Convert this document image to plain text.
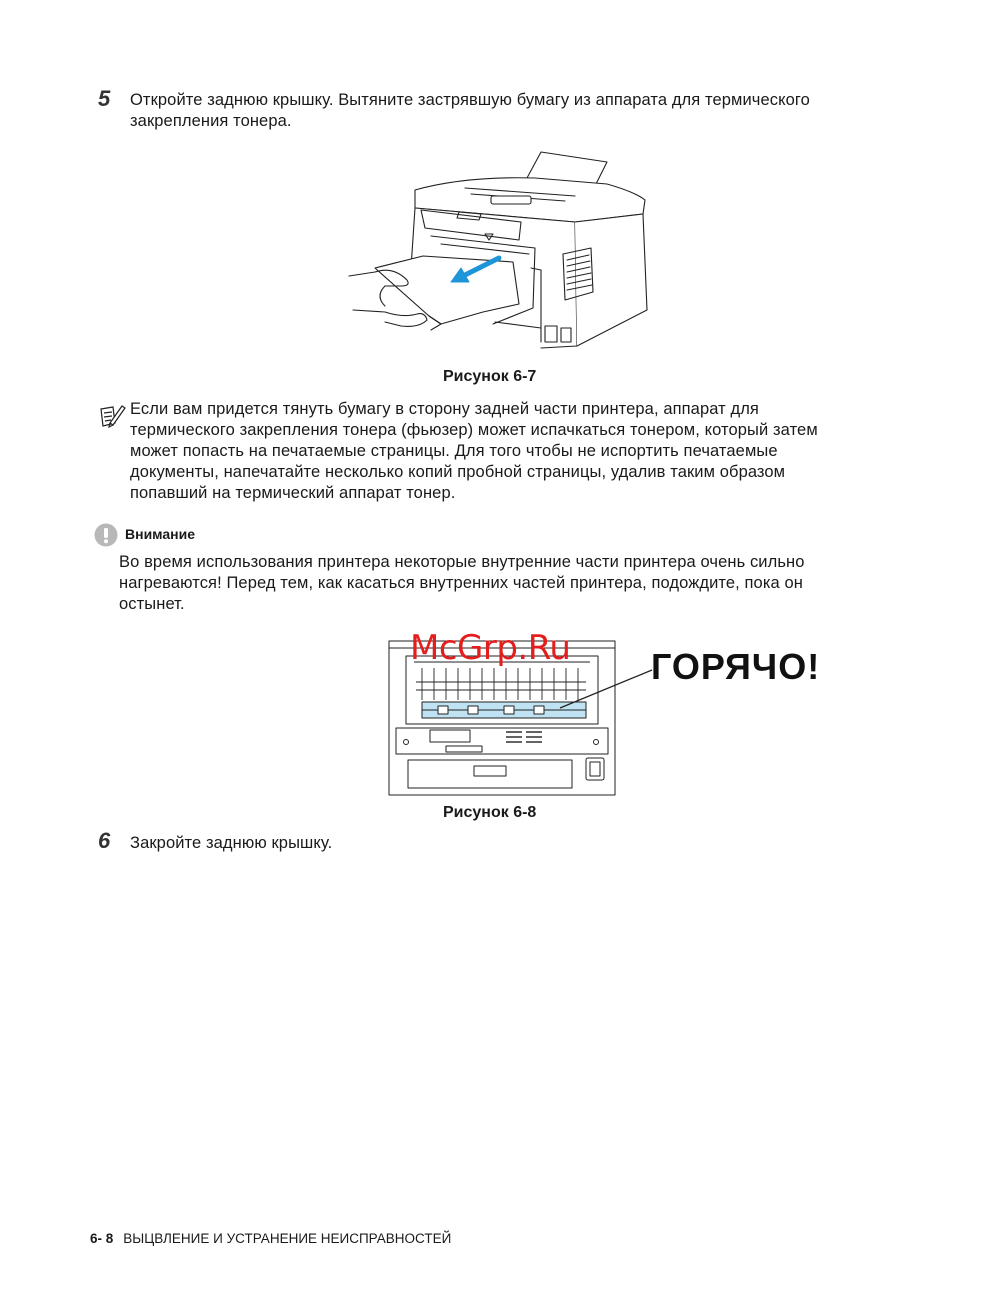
5 Откройте заднюю крышку. Вытяните застрявшую бумагу из аппарата для термического
закрепления тонера.
Рисунок 6-7
Если вам придется тянуть бумагу в сторону задней части принтера, аппарат для
термического закрепления тонера (фьюзер) может испачкаться тонером, который затем
может попасть на печатаемые страницы. Для того чтобы не испортить печатаемые
документы, напечатайте несколько копий пробной страницы, удалив таким образом
попавший на термический аппарат тонер.
Внимание
Во время использования принтера некоторые внутренние части принтера очень сильно
нагреваются! Перед тем, как касаться внутренних частей принтера, подождите, пока он
остынет.
McGrp.Ru ГОРЯЧО!
Рисунок 6-8
6 Закройте заднюю крышку.
6- 8 ВЫЦВЛЕНИЕ И УСТРАНЕНИЕ НЕИСПРАВНОСТЕЙ
